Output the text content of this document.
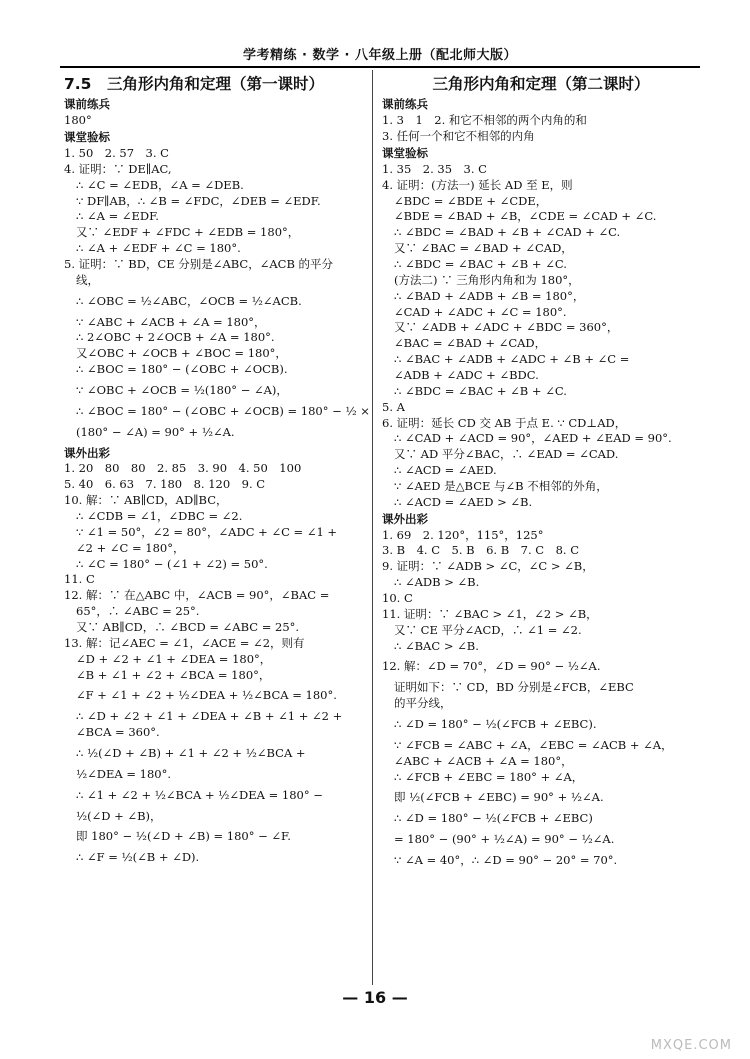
学考精练 · 数学 · 八年级上册（配北师大版）
7.5　三角形内角和定理（第一课时）
课前练兵
180°
课堂验标
1. 50　2. 57　3. C
4. 证明：∵ DE∥AC,
∴ ∠C = ∠EDB，∠A = ∠DEB.
∵ DF∥AB，∴ ∠B = ∠FDC，∠DEB = ∠EDF.
∴ ∠A = ∠EDF.
又∵ ∠EDF + ∠FDC + ∠EDB = 180°，
∴ ∠A + ∠EDF + ∠C = 180°.
5. 证明：∵ BD，CE 分别是∠ABC，∠ACB 的平分
线，
∴ ∠OBC = ½∠ABC，∠OCB = ½∠ACB.
∵ ∠ABC + ∠ACB + ∠A = 180°，
∴ 2∠OBC + 2∠OCB + ∠A = 180°.
又∠OBC + ∠OCB + ∠BOC = 180°，
∴ ∠BOC = 180° − (∠OBC + ∠OCB).
∵ ∠OBC + ∠OCB = ½(180° − ∠A)，
∴ ∠BOC = 180° − (∠OBC + ∠OCB) = 180° − ½ ×
(180° − ∠A) = 90° + ½∠A.
课外出彩
1. 20　80　80　2. 85　3. 90　4. 50　100
5. 40　6. 63　7. 180　8. 120　9. C
10. 解：∵ AB∥CD，AD∥BC，
∴ ∠CDB = ∠1，∠DBC = ∠2.
∵ ∠1 = 50°，∠2 = 80°，∠ADC + ∠C = ∠1 +
∠2 + ∠C = 180°，
∴ ∠C = 180° − (∠1 + ∠2) = 50°.
11. C
12. 解：∵ 在△ABC 中，∠ACB = 90°，∠BAC =
65°，∴ ∠ABC = 25°.
又∵ AB∥CD，∴ ∠BCD = ∠ABC = 25°.
13. 解：记∠AEC = ∠1，∠ACE = ∠2，则有
∠D + ∠2 + ∠1 + ∠DEA = 180°，
∠B + ∠1 + ∠2 + ∠BCA = 180°，
∠F + ∠1 + ∠2 + ½∠DEA + ½∠BCA = 180°.
∴ ∠D + ∠2 + ∠1 + ∠DEA + ∠B + ∠1 + ∠2 +
∠BCA = 360°.
∴ ½(∠D + ∠B) + ∠1 + ∠2 + ½∠BCA +
½∠DEA = 180°.
∴ ∠1 + ∠2 + ½∠BCA + ½∠DEA = 180° −
½(∠D + ∠B)，
即 180° − ½(∠D + ∠B) = 180° − ∠F.
∴ ∠F = ½(∠B + ∠D).
三角形内角和定理（第二课时）
课前练兵
1. 3　1　2. 和它不相邻的两个内角的和
3. 任何一个和它不相邻的内角
课堂验标
1. 35　2. 35　3. C
4. 证明：(方法一) 延长 AD 至 E，则
∠BDC = ∠BDE + ∠CDE，
∠BDE = ∠BAD + ∠B，∠CDE = ∠CAD + ∠C.
∴ ∠BDC = ∠BAD + ∠B + ∠CAD + ∠C.
又∵ ∠BAC = ∠BAD + ∠CAD，
∴ ∠BDC = ∠BAC + ∠B + ∠C.
(方法二) ∵ 三角形内角和为 180°，
∴ ∠BAD + ∠ADB + ∠B = 180°，
∠CAD + ∠ADC + ∠C = 180°.
又∵ ∠ADB + ∠ADC + ∠BDC = 360°，
∠BAC = ∠BAD + ∠CAD，
∴ ∠BAC + ∠ADB + ∠ADC + ∠B + ∠C =
∠ADB + ∠ADC + ∠BDC.
∴ ∠BDC = ∠BAC + ∠B + ∠C.
5. A
6. 证明：延长 CD 交 AB 于点 E. ∵ CD⊥AD，
∴ ∠CAD + ∠ACD = 90°，∠AED + ∠EAD = 90°.
又∵ AD 平分∠BAC，∴ ∠EAD = ∠CAD.
∴ ∠ACD = ∠AED.
∵ ∠AED 是△BCE 与∠B 不相邻的外角，
∴ ∠ACD = ∠AED > ∠B.
课外出彩
1. 69　2. 120°，115°，125°
3. B　4. C　5. B　6. B　7. C　8. C
9. 证明：∵ ∠ADB > ∠C，∠C > ∠B，
∴ ∠ADB > ∠B.
10. C
11. 证明：∵ ∠BAC > ∠1，∠2 > ∠B，
又∵ CE 平分∠ACD，∴ ∠1 = ∠2.
∴ ∠BAC > ∠B.
12. 解：∠D = 70°，∠D = 90° − ½∠A.
证明如下：∵ CD，BD 分别是∠FCB，∠EBC
的平分线，
∴ ∠D = 180° − ½(∠FCB + ∠EBC).
∵ ∠FCB = ∠ABC + ∠A，∠EBC = ∠ACB + ∠A，
∠ABC + ∠ACB + ∠A = 180°，
∴ ∠FCB + ∠EBC = 180° + ∠A，
即 ½(∠FCB + ∠EBC) = 90° + ½∠A.
∴ ∠D = 180° − ½(∠FCB + ∠EBC)
= 180° − (90° + ½∠A) = 90° − ½∠A.
∵ ∠A = 40°，∴ ∠D = 90° − 20° = 70°.
— 16 —
MXQE.COM
